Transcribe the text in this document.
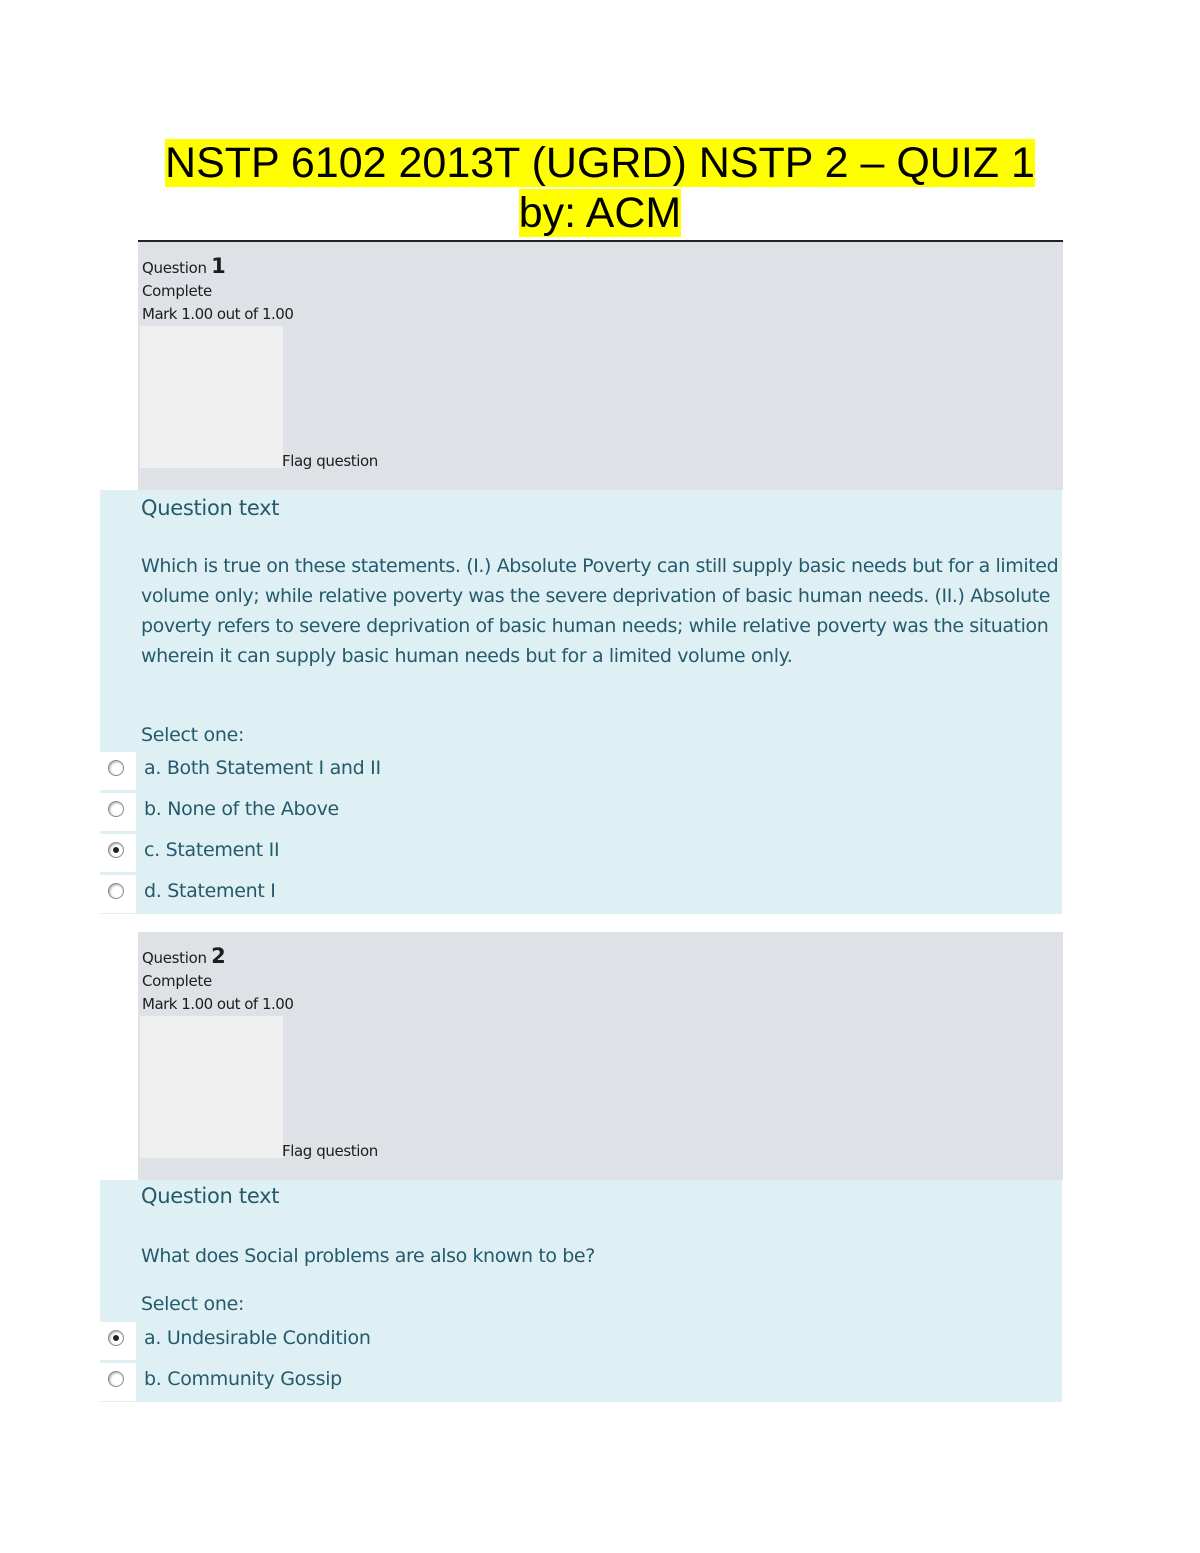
NSTP 6102 2013T (UGRD) NSTP 2 – QUIZ 1
by: ACM
Question 1
Complete
Mark 1.00 out of 1.00
Flag question
Question text
Which is true on these statements. (I.) Absolute Poverty can still supply basic needs but for a limited volume only; while relative poverty was the severe deprivation of basic human needs. (II.) Absolute poverty refers to severe deprivation of basic human needs; while relative poverty was the situation wherein it can supply basic human needs but for a limited volume only.
Select one:
a. Both Statement I and II
b. None of the Above
c. Statement II
d. Statement I
Question 2
Complete
Mark 1.00 out of 1.00
Flag question
Question text
What does Social problems are also known to be?
Select one:
a. Undesirable Condition
b. Community Gossip
